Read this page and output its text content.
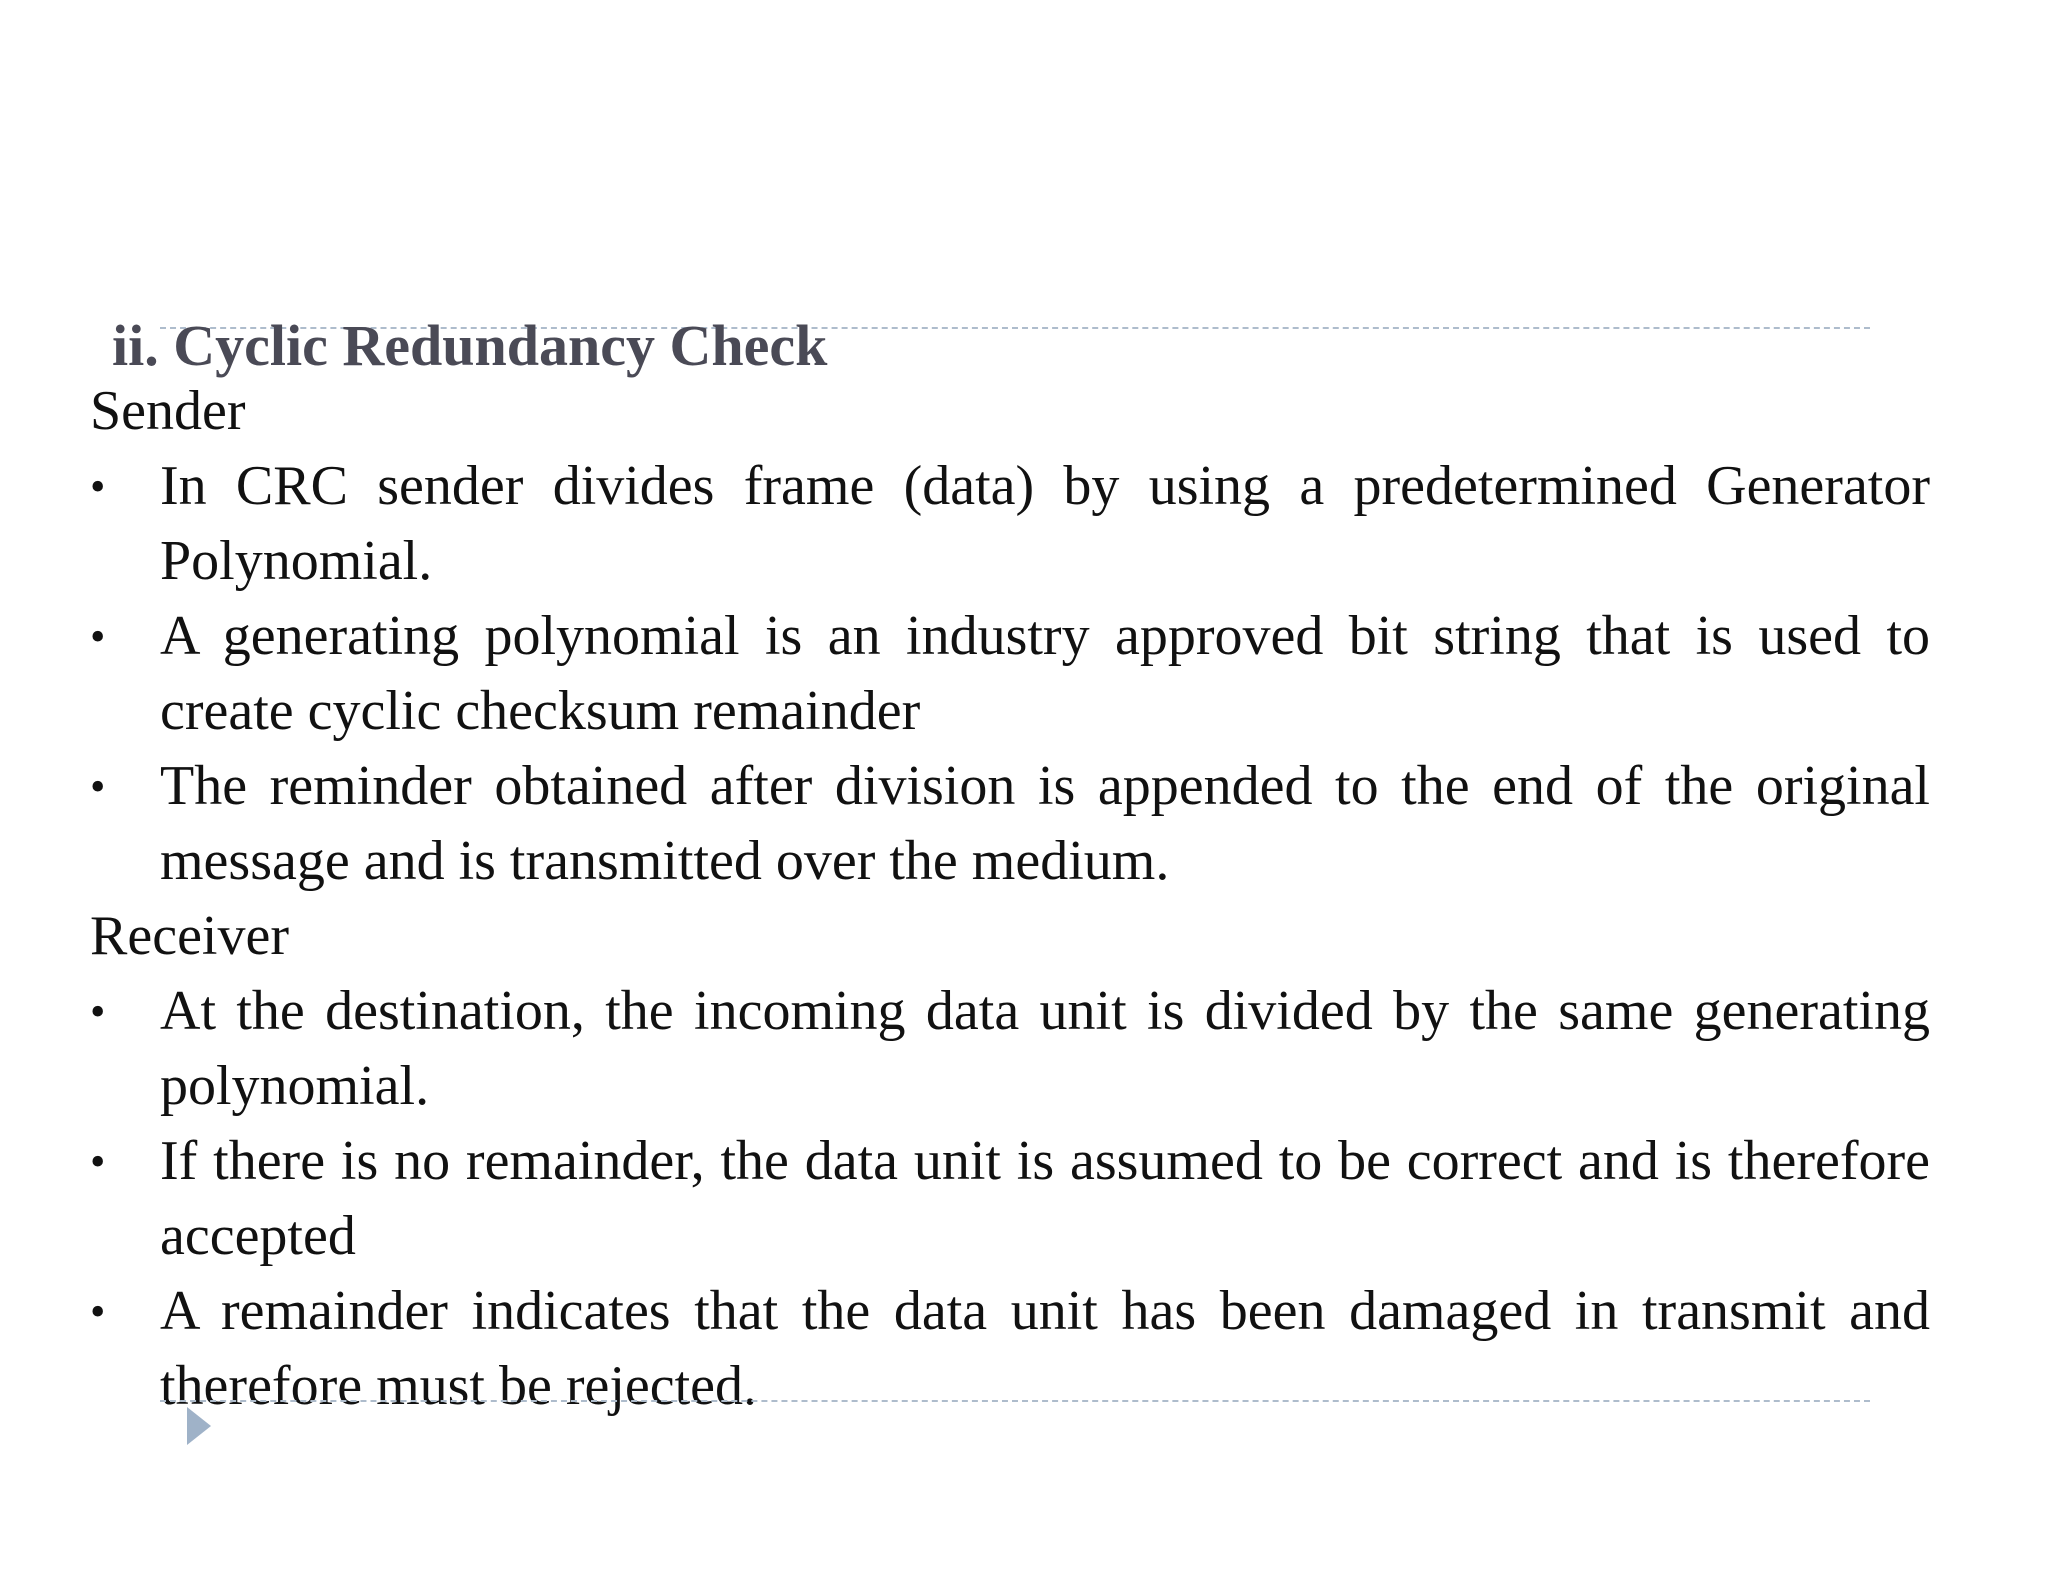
ii. Cyclic Redundancy Check

Sender

• In CRC sender divides frame (data) by using a predetermined Generator Polynomial.
• A generating polynomial is an industry approved bit string that is used to create cyclic checksum remainder
• The reminder obtained after division is appended to the end of the original message and is transmitted over the medium.

Receiver

• At the destination, the incoming data unit is divided by the same generating polynomial.
• If there is no remainder, the data unit is assumed to be correct and is therefore accepted
• A remainder indicates that the data unit has been damaged in transmit and therefore must be rejected.
